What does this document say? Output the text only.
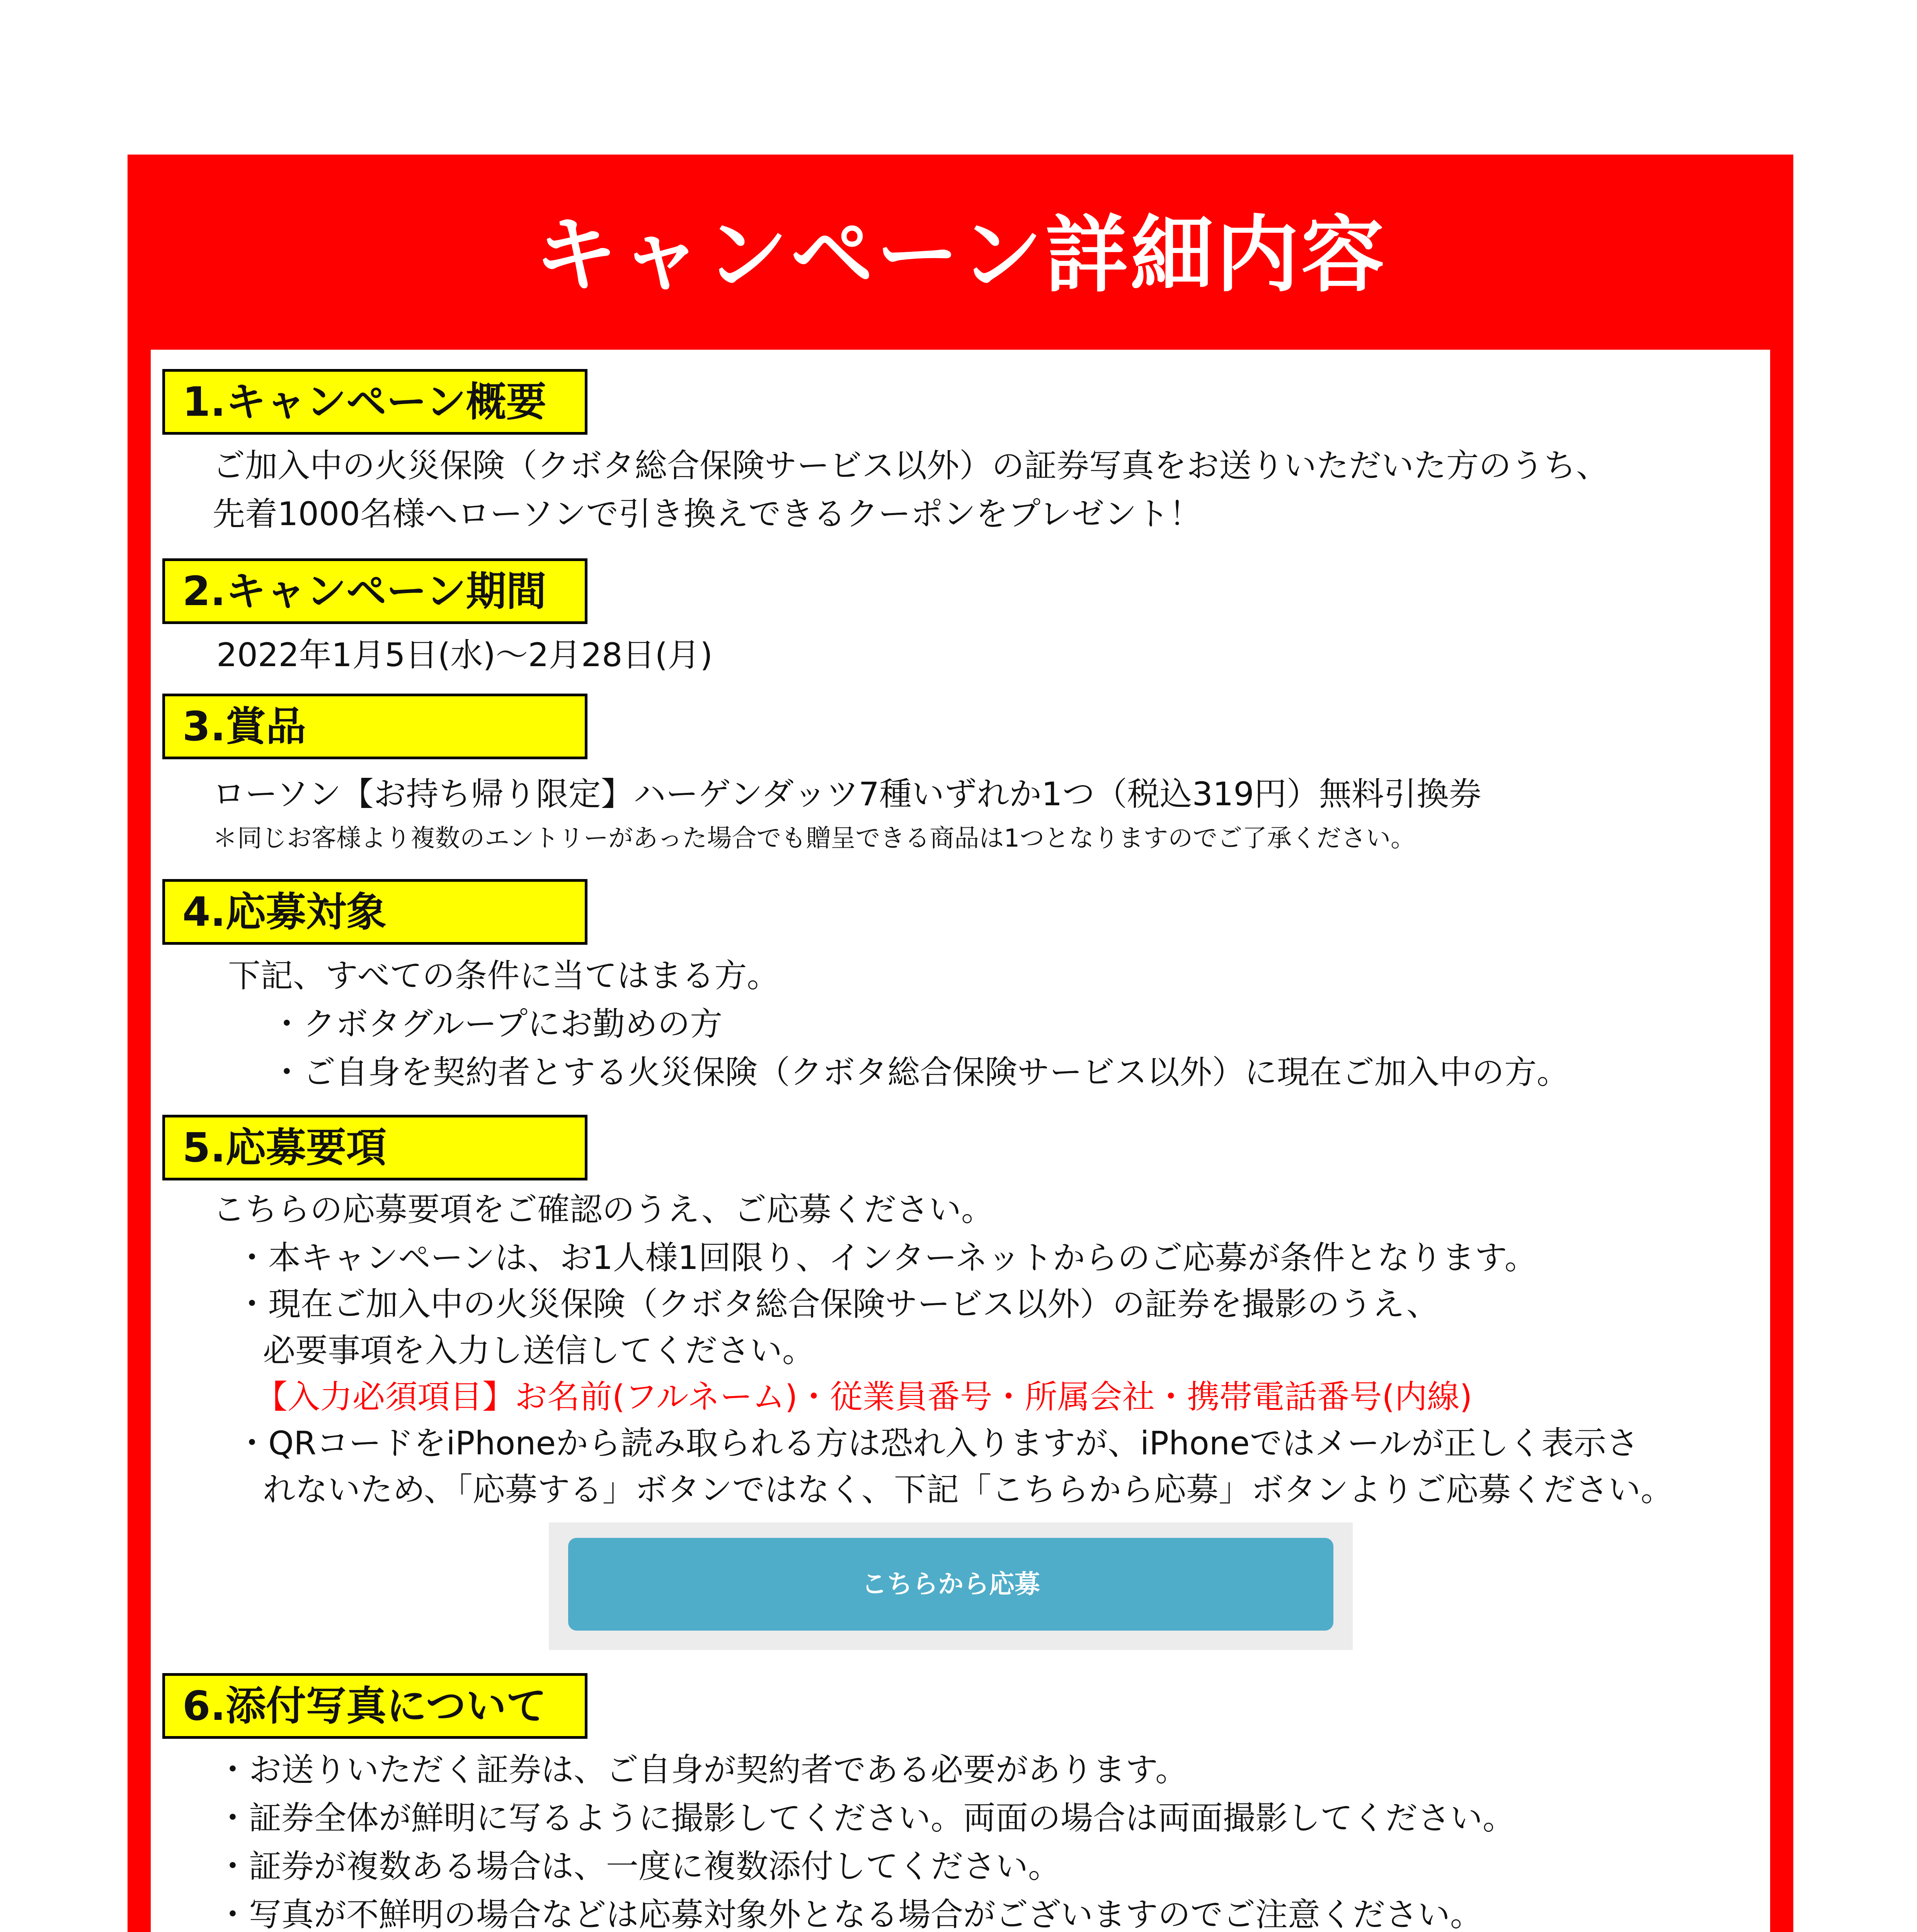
キャンペーン詳細内容
1.キャンペーン概要
ご加入中の火災保険（クボタ総合保険サービス以外）の証券写真をお送りいただいた方のうち、
先着1000名様へローソンで引き換えできるクーポンをプレゼント！
2.キャンペーン期間
2022年1月5日(水)～2月28日(月)
3.賞品
ローソン【お持ち帰り限定】ハーゲンダッツ7種いずれか1つ（税込319円）無料引換券
＊同じお客様より複数のエントリーがあった場合でも贈呈できる商品は1つとなりますのでご了承ください。
4.応募対象
下記、すべての条件に当てはまる方。
・クボタグループにお勤めの方
・ご自身を契約者とする火災保険（クボタ総合保険サービス以外）に現在ご加入中の方。
5.応募要項
こちらの応募要項をご確認のうえ、ご応募ください。
・本キャンペーンは、お1人様1回限り、インターネットからのご応募が条件となります。
・現在ご加入中の火災保険（クボタ総合保険サービス以外）の証券を撮影のうえ、
必要事項を入力し送信してください。
【入力必須項目】お名前(フルネーム)・従業員番号・所属会社・携帯電話番号(内線)
・QRコードをiPhoneから読み取られる方は恐れ入りますが、iPhoneではメールが正しく表示さ
れないため、「応募する」ボタンではなく、下記「こちらから応募」ボタンよりご応募ください。
こちらから応募
6.添付写真について
・お送りいただく証券は、ご自身が契約者である必要があります。
・証券全体が鮮明に写るように撮影してください。両面の場合は両面撮影してください。
・証券が複数ある場合は、一度に複数添付してください。
・写真が不鮮明の場合などは応募対象外となる場合がございますのでご注意ください。
